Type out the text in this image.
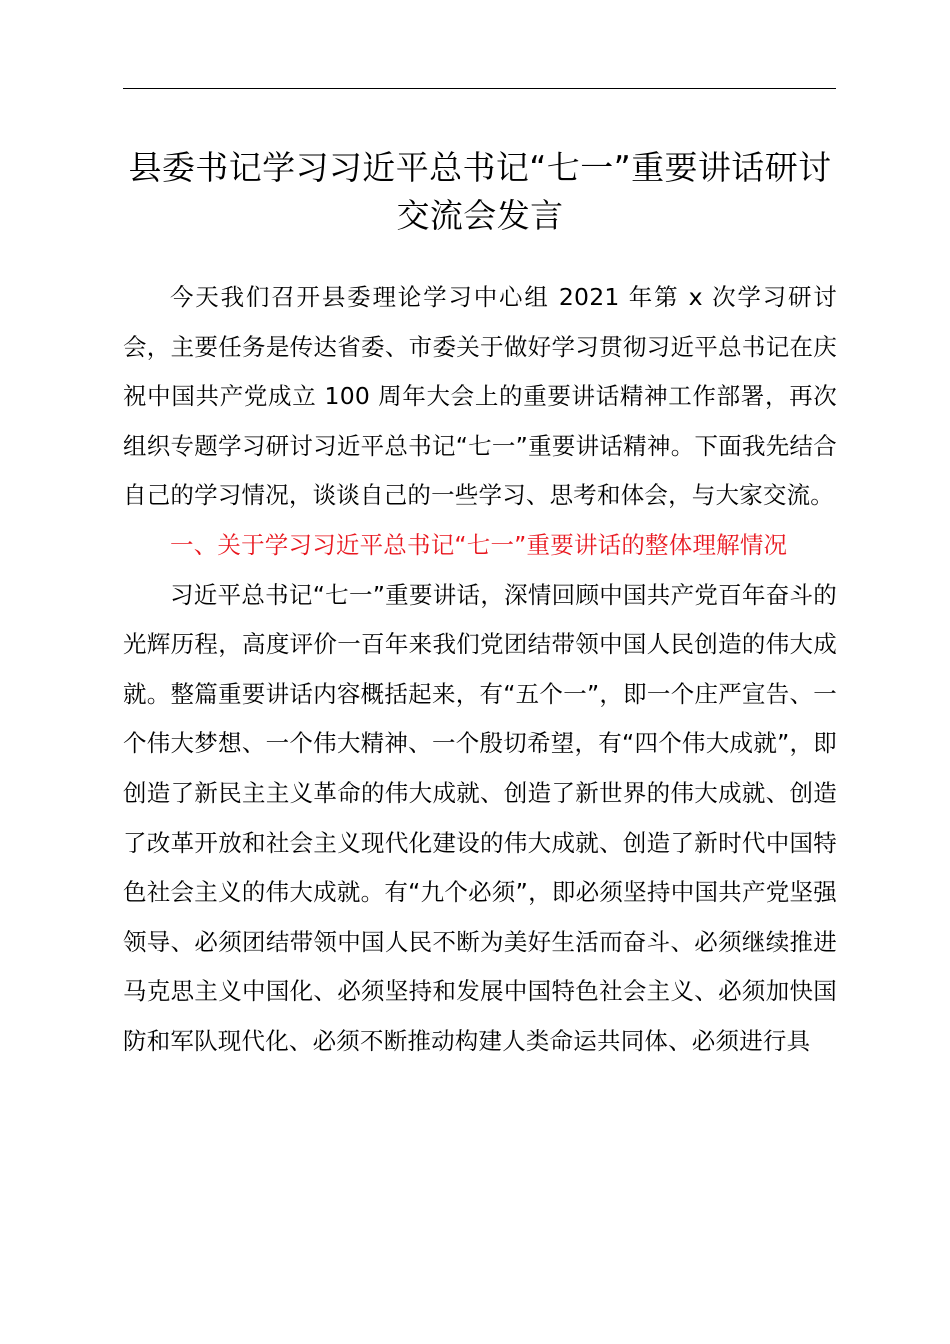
县委书记学习习近平总书记“七一”重要讲话研讨交流会发言

今天我们召开县委理论学习中心组 2021 年第 x 次学习研讨会，主要任务是传达省委、市委关于做好学习贯彻习近平总书记在庆祝中国共产党成立 100 周年大会上的重要讲话精神工作部署，再次组织专题学习研讨习近平总书记“七一”重要讲话精神。下面我先结合自己的学习情况，谈谈自己的一些学习、思考和体会，与大家交流。

一、关于学习习近平总书记“七一”重要讲话的整体理解情况

习近平总书记“七一”重要讲话，深情回顾中国共产党百年奋斗的光辉历程，高度评价一百年来我们党团结带领中国人民创造的伟大成就。整篇重要讲话内容概括起来，有“五个一”，即一个庄严宣告、一个伟大梦想、一个伟大精神、一个殷切希望，有“四个伟大成就”，即创造了新民主主义革命的伟大成就、创造了新世界的伟大成就、创造了改革开放和社会主义现代化建设的伟大成就、创造了新时代中国特色社会主义的伟大成就。有“九个必须”，即必须坚持中国共产党坚强领导、必须团结带领中国人民不断为美好生活而奋斗、必须继续推进马克思主义中国化、必须坚持和发展中国特色社会主义、必须加快国防和军队现代化、必须不断推动构建人类命运共同体、必须进行具
